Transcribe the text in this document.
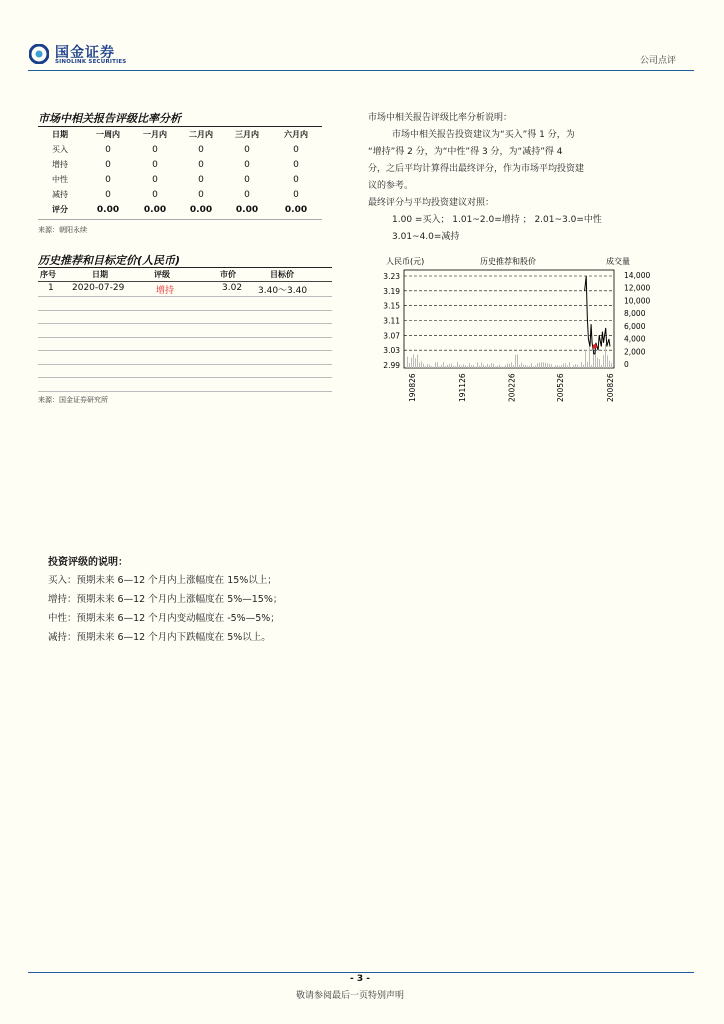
国金证券
SINOLINK SECURITIES	公司点评
市场中相关报告评级比率分析
日期	一周内	一月内	二月内	三月内	六月内
买入	0	0	0	0	0
增持	0	0	0	0	0
中性	0	0	0	0	0
减持	0	0	0	0	0
评分	0.00	0.00	0.00	0.00	0.00
来源：朝阳永续
历史推荐和目标定价(人民币)
序号	日期	评级	市价	目标价
1 2020-07-29	增持	3.02 3.40～3.40
来源：国金证券研究所
市场中相关报告评级比率分析说明：
市场中相关报告投资建议为“买入”得 1 分，为
“增持”得 2 分，为“中性”得 3 分，为“减持”得 4
分，之后平均计算得出最终评分，作为市场平均投资建
议的参考。
最终评分与平均投资建议对照：
1.00 =买入； 1.01~2.0=增持 ； 2.01~3.0=中性
3.01~4.0=减持
人民币(元)	历史推荐和股价	成交量
3.23
3.19
3.15
3.11
3.07
3.03
2.99
14,000
12,000
10,000
8,000
6,000
4,000
2,000
0
190826	191126	200226	200526	200826
投资评级的说明：
买入：预期未来 6—12 个月内上涨幅度在 15%以上；
增持：预期未来 6—12 个月内上涨幅度在 5%—15%；
中性：预期未来 6—12 个月内变动幅度在 -5%—5%；
减持：预期未来 6—12 个月内下跌幅度在 5%以上。
- 3 -
敬请参阅最后一页特别声明
